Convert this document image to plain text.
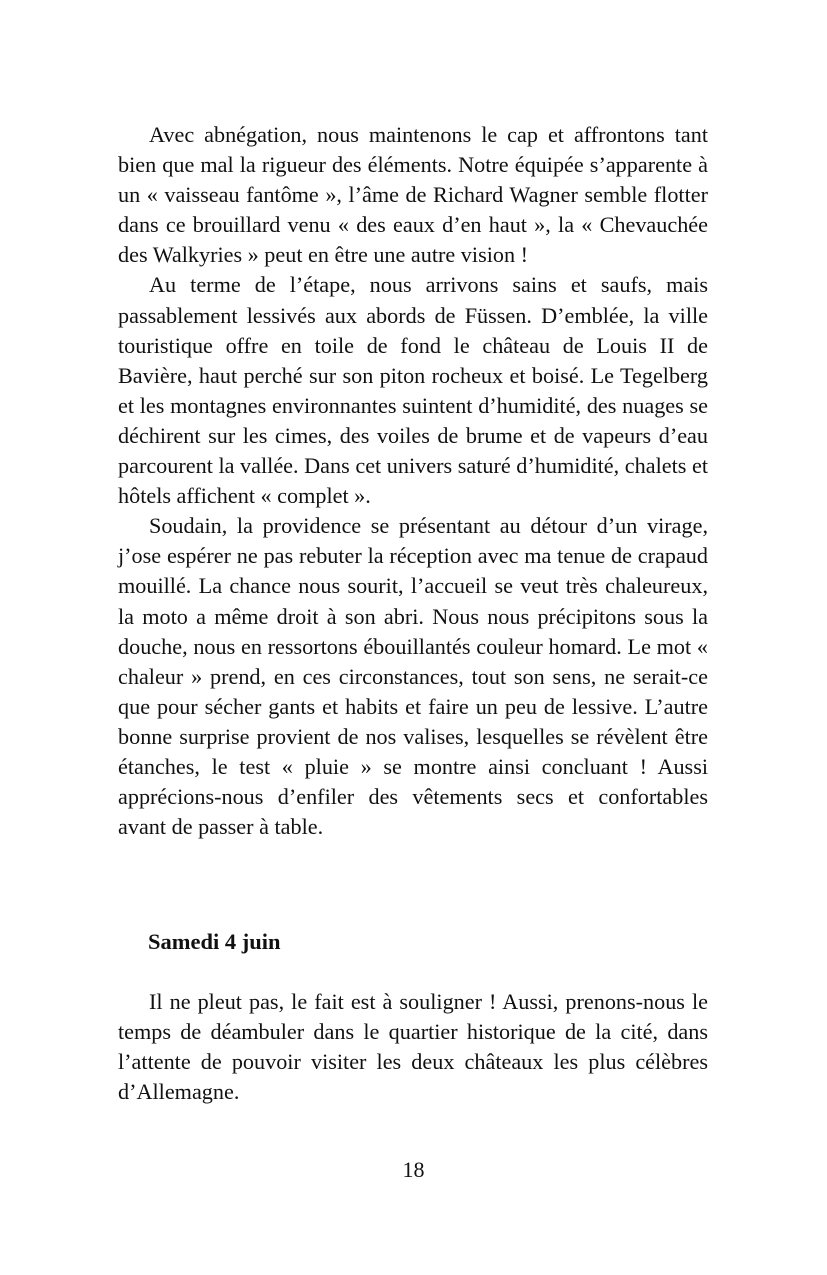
Avec abnégation, nous maintenons le cap et affrontons tant bien que mal la rigueur des éléments. Notre équipée s’apparente à un « vaisseau fantôme », l’âme de Richard Wagner semble flotter dans ce brouillard venu « des eaux d’en haut », la « Chevauchée des Walkyries » peut en être une autre vision !

Au terme de l’étape, nous arrivons sains et saufs, mais passablement lessivés aux abords de Füssen. D’emblée, la ville touristique offre en toile de fond le château de Louis II de Bavière, haut perché sur son piton rocheux et boisé. Le Tegelberg et les montagnes environnantes suintent d’humidité, des nuages se déchirent sur les cimes, des voiles de brume et de vapeurs d’eau parcourent la vallée. Dans cet univers saturé d’humidité, chalets et hôtels affichent « complet ».

Soudain, la providence se présentant au détour d’un virage, j’ose espérer ne pas rebuter la réception avec ma tenue de crapaud mouillé. La chance nous sourit, l’accueil se veut très chaleureux, la moto a même droit à son abri. Nous nous précipitons sous la douche, nous en ressortons ébouillantés couleur homard. Le mot « chaleur » prend, en ces circonstances, tout son sens, ne serait-ce que pour sécher gants et habits et faire un peu de lessive. L’autre bonne surprise provient de nos valises, lesquelles se révèlent être étanches, le test « pluie » se montre ainsi concluant ! Aussi apprécions-nous d’enfiler des vêtements secs et confortables avant de passer à table.

Samedi 4 juin

Il ne pleut pas, le fait est à souligner ! Aussi, prenons-nous le temps de déambuler dans le quartier historique de la cité, dans l’attente de pouvoir visiter les deux châteaux les plus célèbres d’Allemagne.

18
